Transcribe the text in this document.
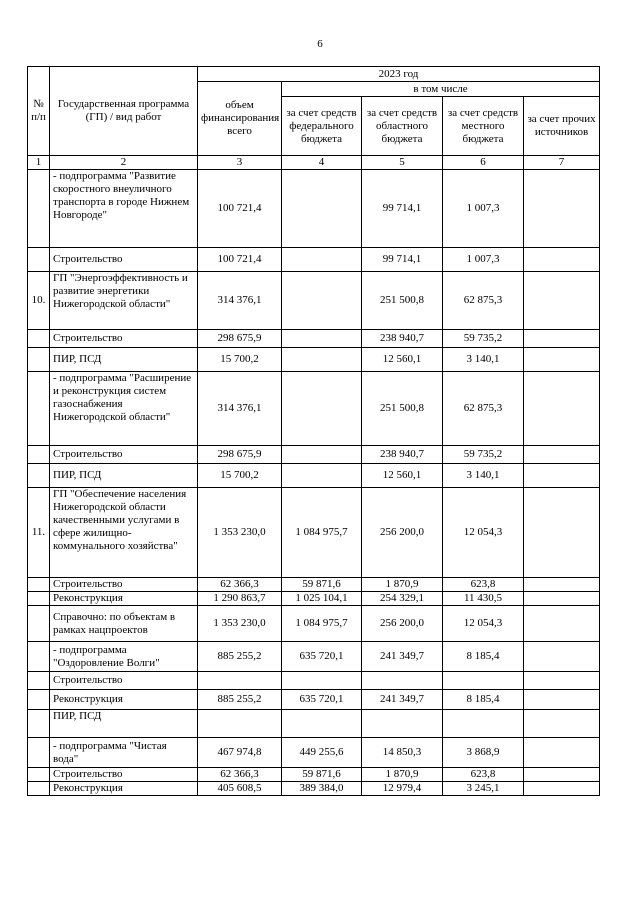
6
№ п/п	Государственная программа (ГП) / вид работ	2023 год				
		объем финансирования всего	в том числе			
			за счет средств федерального бюджета	за счет средств областного бюджета	за счет средств местного бюджета	за счет прочих источников
1	2	3	4	5	6	7
	- подпрограмма "Развитие скоростного внеуличного транспорта в городе Нижнем Новгороде"	100 721,4		99 714,1	1 007,3	
	Строительство	100 721,4		99 714,1	1 007,3	
10.	ГП "Энергоэффективность и развитие энергетики Нижегородской области"	314 376,1		251 500,8	62 875,3	
	Строительство	298 675,9		238 940,7	59 735,2	
	ПИР, ПСД	15 700,2		12 560,1	3 140,1	
	- подпрограмма "Расширение и реконструкция систем газоснабжения Нижегородской области"	314 376,1		251 500,8	62 875,3	
	Строительство	298 675,9		238 940,7	59 735,2	
	ПИР, ПСД	15 700,2		12 560,1	3 140,1	
11.	ГП "Обеспечение населения Нижегородской области качественными услугами в сфере жилищно-коммунального хозяйства"	1 353 230,0	1 084 975,7	256 200,0	12 054,3	
	Строительство	62 366,3	59 871,6	1 870,9	623,8	
	Реконструкция	1 290 863,7	1 025 104,1	254 329,1	11 430,5	
	Справочно: по объектам в рамках нацпроектов	1 353 230,0	1 084 975,7	256 200,0	12 054,3	
	- подпрограмма "Оздоровление Волги"	885 255,2	635 720,1	241 349,7	8 185,4	
	Строительство					
	Реконструкция	885 255,2	635 720,1	241 349,7	8 185,4	
	ПИР, ПСД					
	- подпрограмма "Чистая вода"	467 974,8	449 255,6	14 850,3	3 868,9	
	Строительство	62 366,3	59 871,6	1 870,9	623,8	
	Реконструкция	405 608,5	389 384,0	12 979,4	3 245,1	
